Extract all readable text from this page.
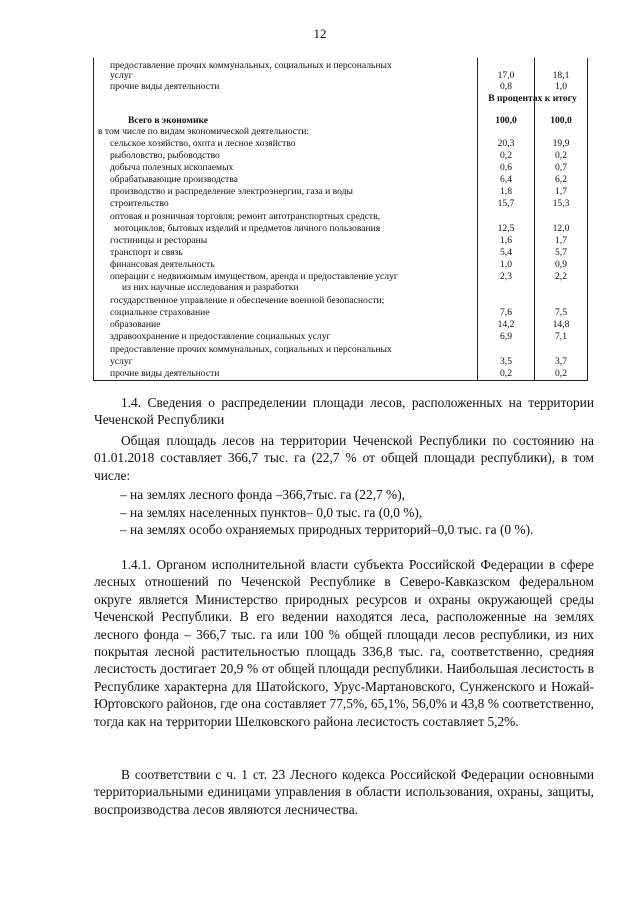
12
предоставление прочих коммунальных, социальных и персональных
услуг	17,0	18,1
прочие виды деятельности	0,8	1,0
В процентах к итогу
Всего в экономике	100,0	100,0
в том числе по видам экономической деятельности:
сельское хозяйство, охота и лесное хозяйство	20,3	19,9
рыболовство, рыбоводство	0,2	0,2
добыча полезных ископаемых	0,6	0,7
обрабатывающие производства	6,4	6,2
производство и распределение электроэнергии, газа и воды	1,8	1,7
строительство	15,7	15,3
оптовая и розничная торговля; ремонт автотранспортных средств,
мотоциклов, бытовых изделий и предметов личного пользования	12,5	12,0
гостиницы и рестораны	1,6	1,7
транспорт и связь	5,4	5,7
финансовая деятельность	1,0	0,9
операции с недвижимым имуществом, аренда и предоставление услуг	2,3	2,2
из них научные исследования и разработки
государственное управление и обеспечение военной безопасности;
социальное страхование	7,6	7,5
образование	14,2	14,8
здравоохранение и предоставление социальных услуг	6,9	7,1
предоставление прочих коммунальных, социальных и персональных
услуг	3,5	3,7
прочие виды деятельности	0,2	0,2
1.4. Сведения о распределении площади лесов, расположенных на территории Чеченской Республики
Общая площадь лесов на территории Чеченской Республики по состоянию на 01.01.2018 составляет 366,7 тыс. га (22,7 % от общей площади республики), в том числе:
– на землях лесного фонда –366,7тыс. га (22,7 %),
– на землях населенных пунктов– 0,0 тыс. га (0,0 %),
– на землях особо охраняемых природных территорий–0,0 тыс. га (0 %).
1.4.1. Органом исполнительной власти субъекта Российской Федерации в сфере лесных отношений по Чеченской Республике в Северо-Кавказском федеральном округе является Министерство природных ресурсов и охраны окружающей среды Чеченской Республики. В его ведении находятся леса, расположенные на землях лесного фонда – 366,7 тыс. га или 100 % общей площади лесов республики, из них покрытая лесной растительностью площадь 336,8 тыс. га, соответственно, средняя лесистость достигает 20,9 % от общей площади республики. Наибольшая лесистость в Республике характерна для Шатойского, Урус-Мартановского, Сунженского и Ножай-Юртовского районов, где она составляет 77,5%, 65,1%, 56,0% и 43,8 % соответственно, тогда как на территории Шелковского района лесистость составляет 5,2%.
В соответствии с ч. 1 ст. 23 Лесного кодекса Российской Федерации основными территориальными единицами управления в области использования, охраны, защиты, воспроизводства лесов являются лесничества.
